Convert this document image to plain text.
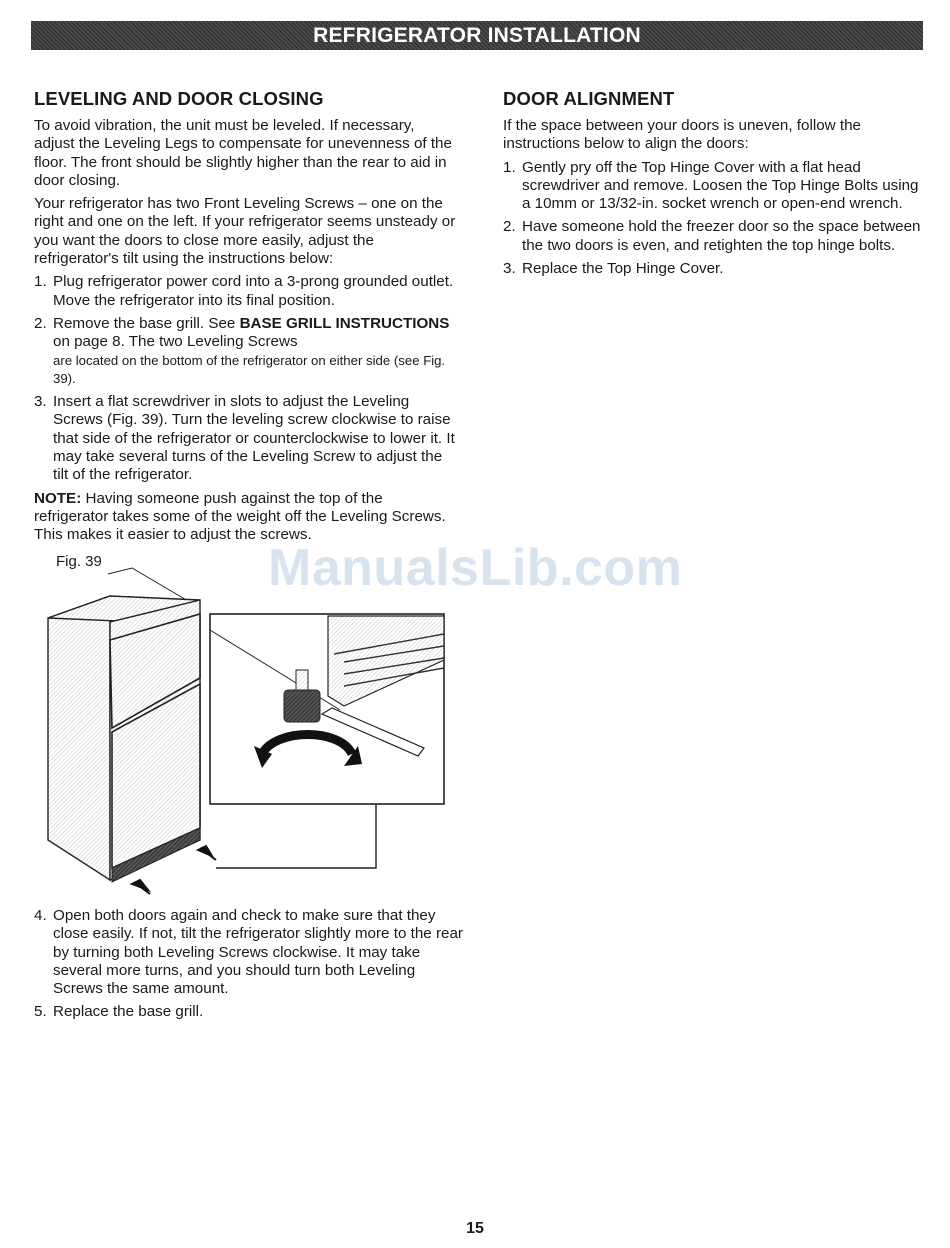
REFRIGERATOR INSTALLATION
LEVELING AND DOOR CLOSING

To avoid vibration, the unit must be leveled. If necessary, adjust the Leveling Legs to compensate for unevenness of the floor. The front should be slightly higher than the rear to aid in door closing.

Your refrigerator has two Front Leveling Screws – one on the right and one on the left. If your refrigerator seems unsteady or you want the doors to close more easily, adjust the refrigerator's tilt using the instructions below:

1. Plug refrigerator power cord into a 3-prong grounded outlet. Move the refrigerator into its final position.
2. Remove the base grill. See BASE GRILL INSTRUCTIONS on page 8. The two Leveling Screws
are located on the bottom of the refrigerator on either side (see Fig. 39).
3. Insert a flat screwdriver in slots to adjust the Leveling Screws (Fig. 39). Turn the leveling screw clockwise to raise that side of the refrigerator or counterclockwise to lower it. It may take several turns of the Leveling Screw to adjust the tilt of the refrigerator.

NOTE: Having someone push against the top of the refrigerator takes some of the weight off the Leveling Screws. This makes it easier to adjust the screws.

ManualsLib.com
Fig. 39
4. Open both doors again and check to make sure that they close easily. If not, tilt the refrigerator slightly more to the rear by turning both Leveling Screws clockwise. It may take several more turns, and you should turn both Leveling Screws the same amount.
5. Replace the base grill.
DOOR ALIGNMENT

If the space between your doors is uneven, follow the instructions below to align the doors:

1. Gently pry off the Top Hinge Cover with a flat head screwdriver and remove. Loosen the Top Hinge Bolts using a 10mm or 13/32-in. socket wrench or open-end wrench.
2. Have someone hold the freezer door so the space between the two doors is even, and retighten the top hinge bolts.
3. Replace the Top Hinge Cover.
15
